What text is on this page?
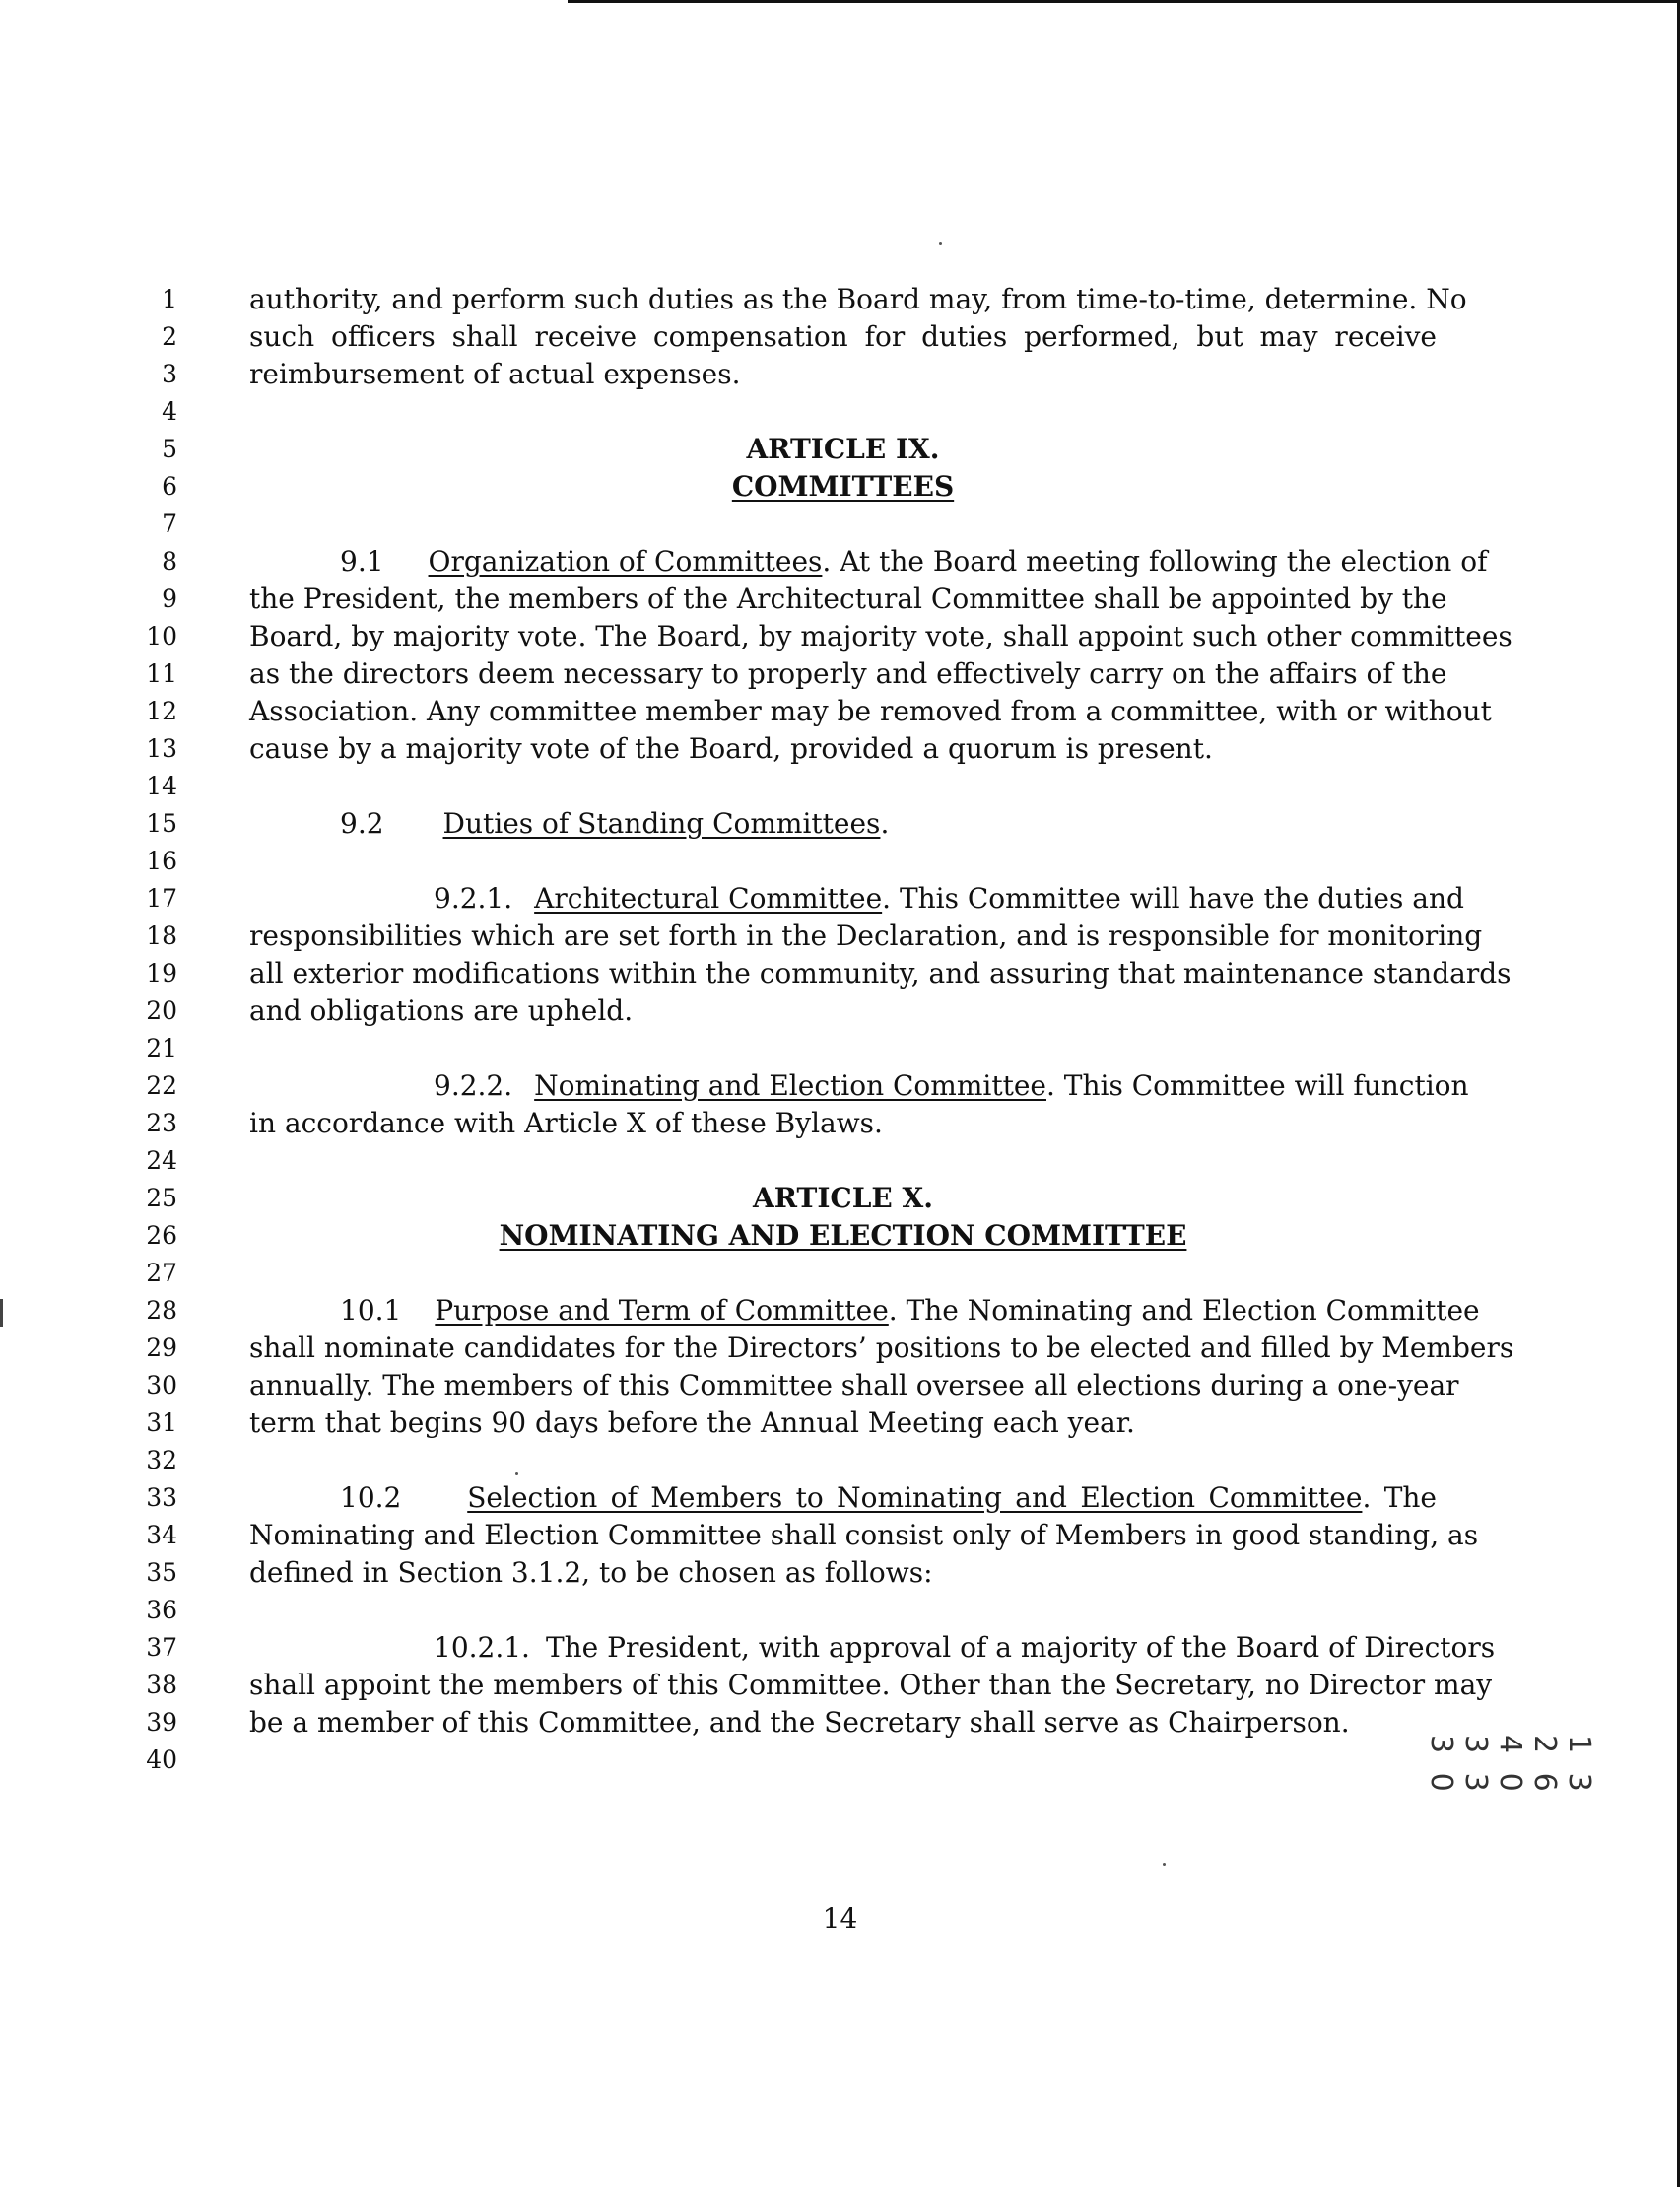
1
2
3
4
5
6
7
8
9
10
11
12
13
14
15
16
17
18
19
20
21
22
23
24
25
26
27
28
29
30
31
32
33
34
35
36
37
38
39
40
authority, and perform such duties as the Board may, from time-to-time, determine. No
such officers shall receive compensation for duties performed, but may receive
reimbursement of actual expenses.
ARTICLE IX.
COMMITTEES
9.1 Organization of Committees. At the Board meeting following the election of
the President, the members of the Architectural Committee shall be appointed by the
Board, by majority vote. The Board, by majority vote, shall appoint such other committees
as the directors deem necessary to properly and effectively carry on the affairs of the
Association. Any committee member may be removed from a committee, with or without
cause by a majority vote of the Board, provided a quorum is present.
9.2 Duties of Standing Committees.
9.2.1. Architectural Committee. This Committee will have the duties and
responsibilities which are set forth in the Declaration, and is responsible for monitoring
all exterior modifications within the community, and assuring that maintenance standards
and obligations are upheld.
9.2.2. Nominating and Election Committee. This Committee will function
in accordance with Article X of these Bylaws.
ARTICLE X.
NOMINATING AND ELECTION COMMITTEE
10.1 Purpose and Term of Committee. The Nominating and Election Committee
shall nominate candidates for the Directors’ positions to be elected and filled by Members
annually. The members of this Committee shall oversee all elections during a one-year
term that begins 90 days before the Annual Meeting each year.
10.2 Selection of Members to Nominating and Election Committee. The
Nominating and Election Committee shall consist only of Members in good standing, as
defined in Section 3.1.2, to be chosen as follows:
10.2.1. The President, with approval of a majority of the Board of Directors
shall appoint the members of this Committee. Other than the Secretary, no Director may
be a member of this Committee, and the Secretary shall serve as Chairperson.
1 3 2 6 4 0 3 3 3 0
14
